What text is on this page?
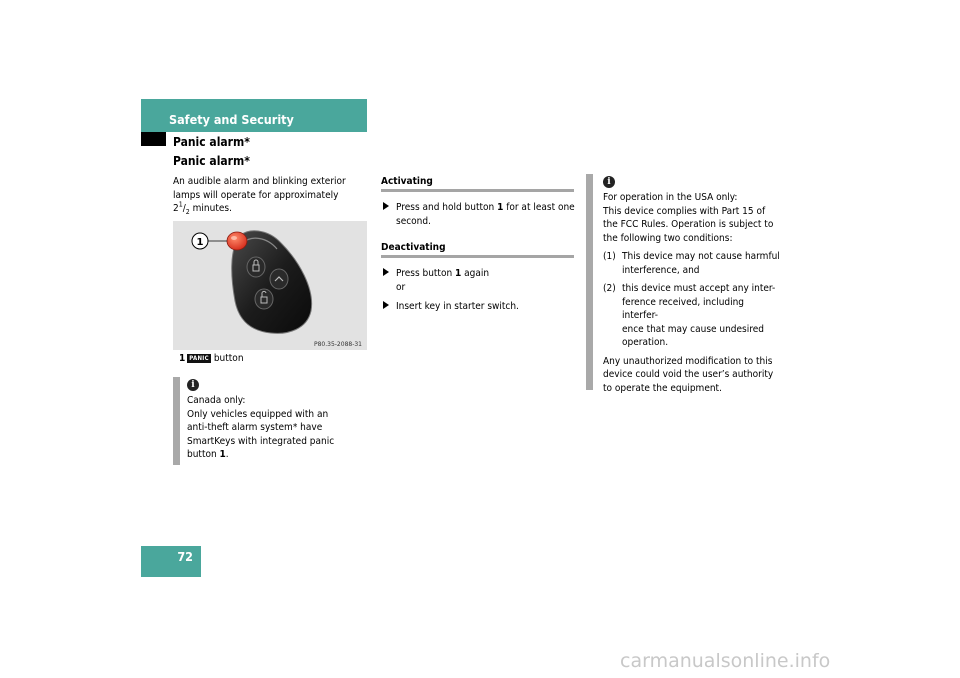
Safety and Security
Panic alarm*
Panic alarm*
An audible alarm and blinking exterior
lamps will operate for approximately
$2^1/_2$ minutes.
1
P80.35-2088-31
1 PANIC button
i
Canada only:
Only vehicles equipped with an
anti-theft alarm system* have
SmartKeys with integrated panic
button 1.
Activating
Press and hold button 1 for at least one
second.
Deactivating
Press button 1 again
or
Insert key in starter switch.
i
For operation in the USA only:
This device complies with Part 15 of
the FCC Rules. Operation is subject to
the following two conditions:
(1) This device may not cause harmful
interference, and
(2) this device must accept any inter-
ference received, including interfer-
ence that may cause undesired
operation.
Any unauthorized modification to this
device could void the user’s authority
to operate the equipment.
72
carmanualsonline.info
